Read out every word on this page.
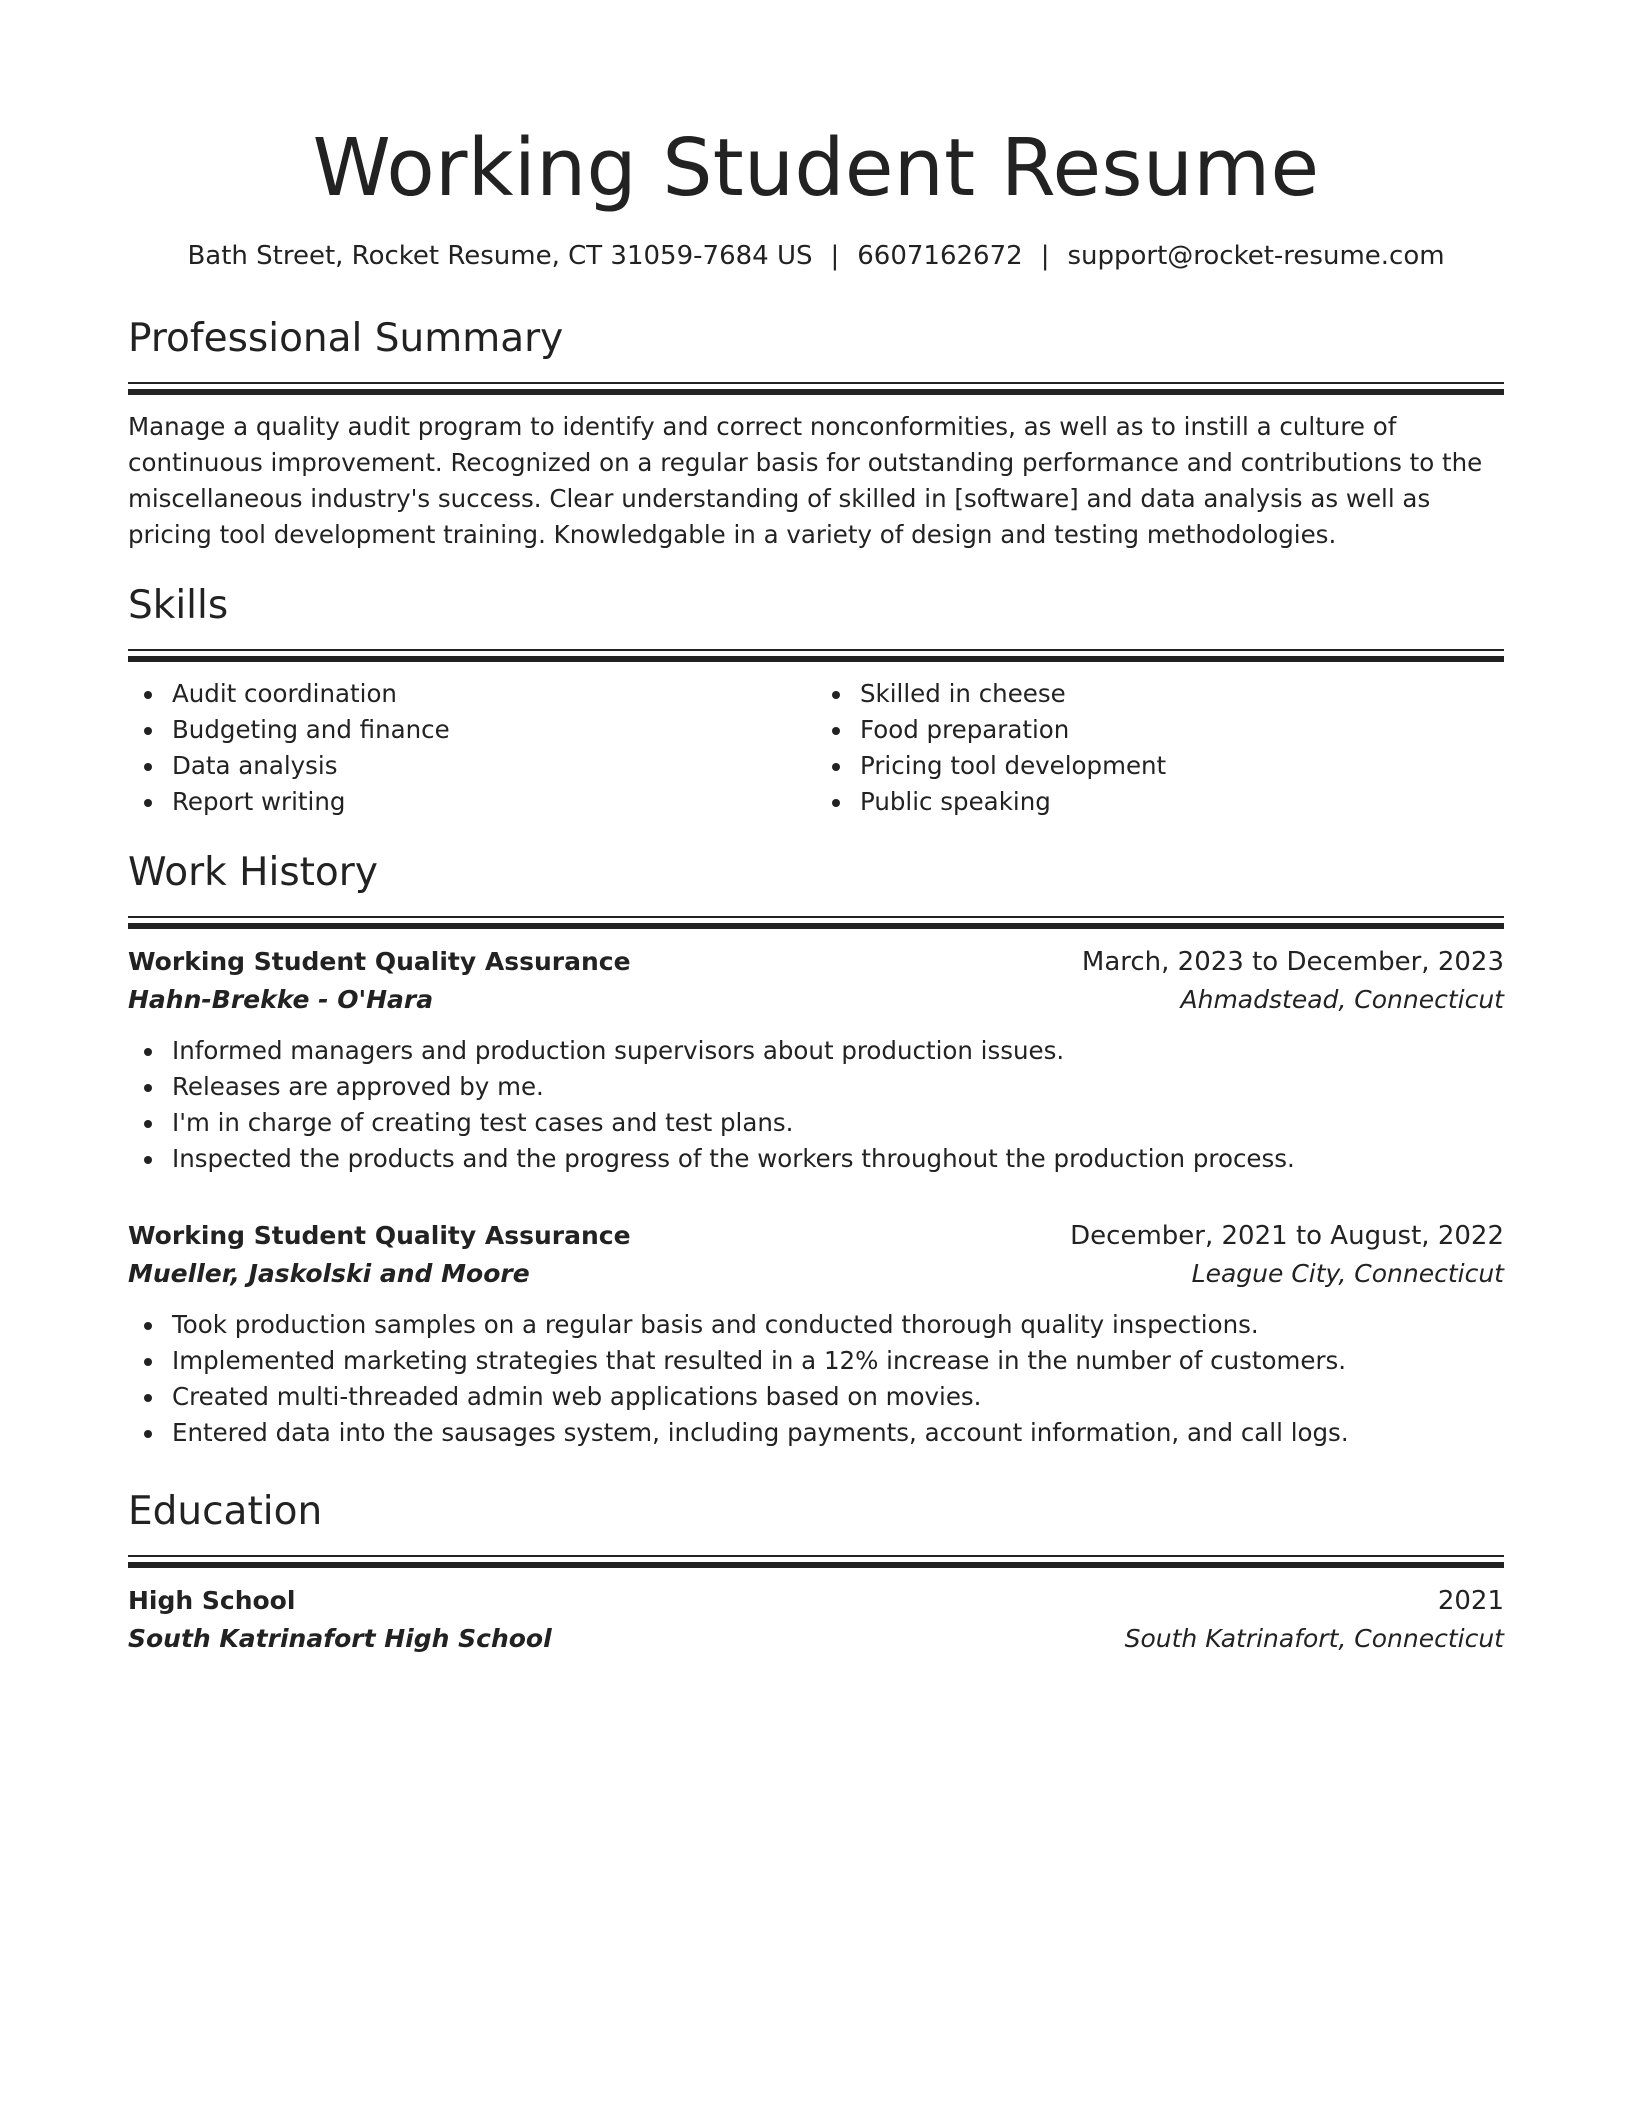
Working Student Resume
Bath Street, Rocket Resume, CT 31059-7684 US | 6607162672 | support@rocket-resume.com
Professional Summary
Manage a quality audit program to identify and correct nonconformities, as well as to instill a culture of continuous improvement. Recognized on a regular basis for outstanding performance and contributions to the miscellaneous industry's success. Clear understanding of skilled in [software] and data analysis as well as pricing tool development training. Knowledgable in a variety of design and testing methodologies.
Skills
Audit coordination
Budgeting and finance
Data analysis
Report writing
Skilled in cheese
Food preparation
Pricing tool development
Public speaking
Work History
Working Student Quality Assurance	March, 2023 to December, 2023
Hahn-Brekke - O'Hara	Ahmadstead, Connecticut
Informed managers and production supervisors about production issues.
Releases are approved by me.
I'm in charge of creating test cases and test plans.
Inspected the products and the progress of the workers throughout the production process.
Working Student Quality Assurance	December, 2021 to August, 2022
Mueller, Jaskolski and Moore	League City, Connecticut
Took production samples on a regular basis and conducted thorough quality inspections.
Implemented marketing strategies that resulted in a 12% increase in the number of customers.
Created multi-threaded admin web applications based on movies.
Entered data into the sausages system, including payments, account information, and call logs.
Education
High School	2021
South Katrinafort High School	South Katrinafort, Connecticut
